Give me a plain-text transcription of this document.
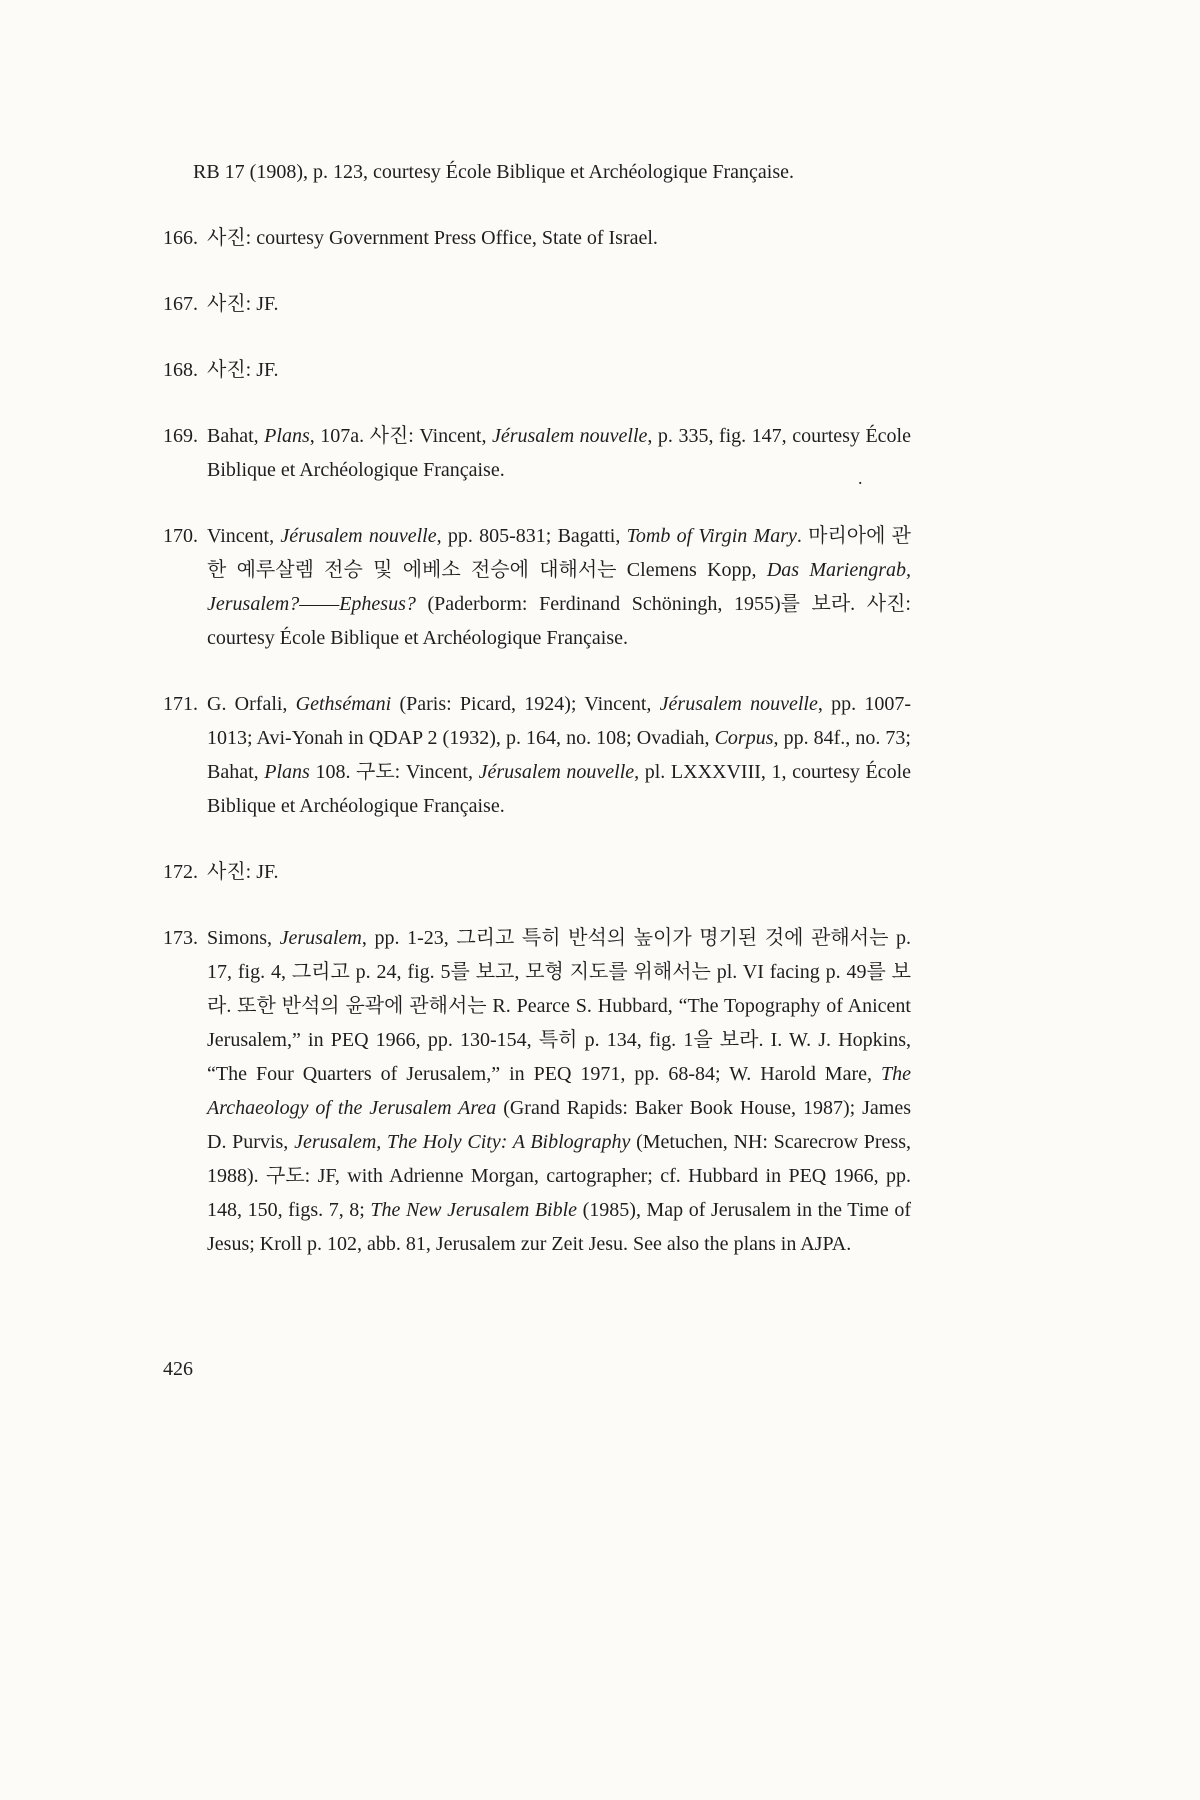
RB 17 (1908), p. 123, courtesy École Biblique et Archéologique Française.
166. 사진: courtesy Government Press Office, State of Israel.
167. 사진: JF.
168. 사진: JF.
169. Bahat, Plans, 107a. 사진: Vincent, Jérusalem nouvelle, p. 335, fig. 147, courtesy École Biblique et Archéologique Française.
170. Vincent, Jérusalem nouvelle, pp. 805-831; Bagatti, Tomb of Virgin Mary. 마리아에 관한 예루살렘 전승 및 에베소 전승에 대해서는 Clemens Kopp, Das Mariengrab, Jerusalem?——Ephesus? (Paderborm: Ferdinand Schöningh, 1955)를 보라. 사진: courtesy École Biblique et Archéologique Française.
171. G. Orfali, Gethsémani (Paris: Picard, 1924); Vincent, Jérusalem nouvelle, pp. 1007-1013; Avi-Yonah in QDAP 2 (1932), p. 164, no. 108; Ovadiah, Corpus, pp. 84f., no. 73; Bahat, Plans 108. 구도: Vincent, Jérusalem nouvelle, pl. LXXXVIII, 1, courtesy École Biblique et Archéologique Française.
172. 사진: JF.
173. Simons, Jerusalem, pp. 1-23, 그리고 특히 반석의 높이가 명기된 것에 관해서는 p. 17, fig. 4, 그리고 p. 24, fig. 5를 보고, 모형 지도를 위해서는 pl. VI facing p. 49를 보라. 또한 반석의 윤곽에 관해서는 R. Pearce S. Hubbard, “The Topography of Anicent Jerusalem,” in PEQ 1966, pp. 130-154, 특히 p. 134, fig. 1을 보라. I. W. J. Hopkins, “The Four Quarters of Jerusalem,” in PEQ 1971, pp. 68-84; W. Harold Mare, The Archaeology of the Jerusalem Area (Grand Rapids: Baker Book House, 1987); James D. Purvis, Jerusalem, The Holy City: A Biblography (Metuchen, NH: Scarecrow Press, 1988). 구도: JF, with Adrienne Morgan, cartographer; cf. Hubbard in PEQ 1966, pp. 148, 150, figs. 7, 8; The New Jerusalem Bible (1985), Map of Jerusalem in the Time of Jesus; Kroll p. 102, abb. 81, Jerusalem zur Zeit Jesu. See also the plans in AJPA.
.
426
